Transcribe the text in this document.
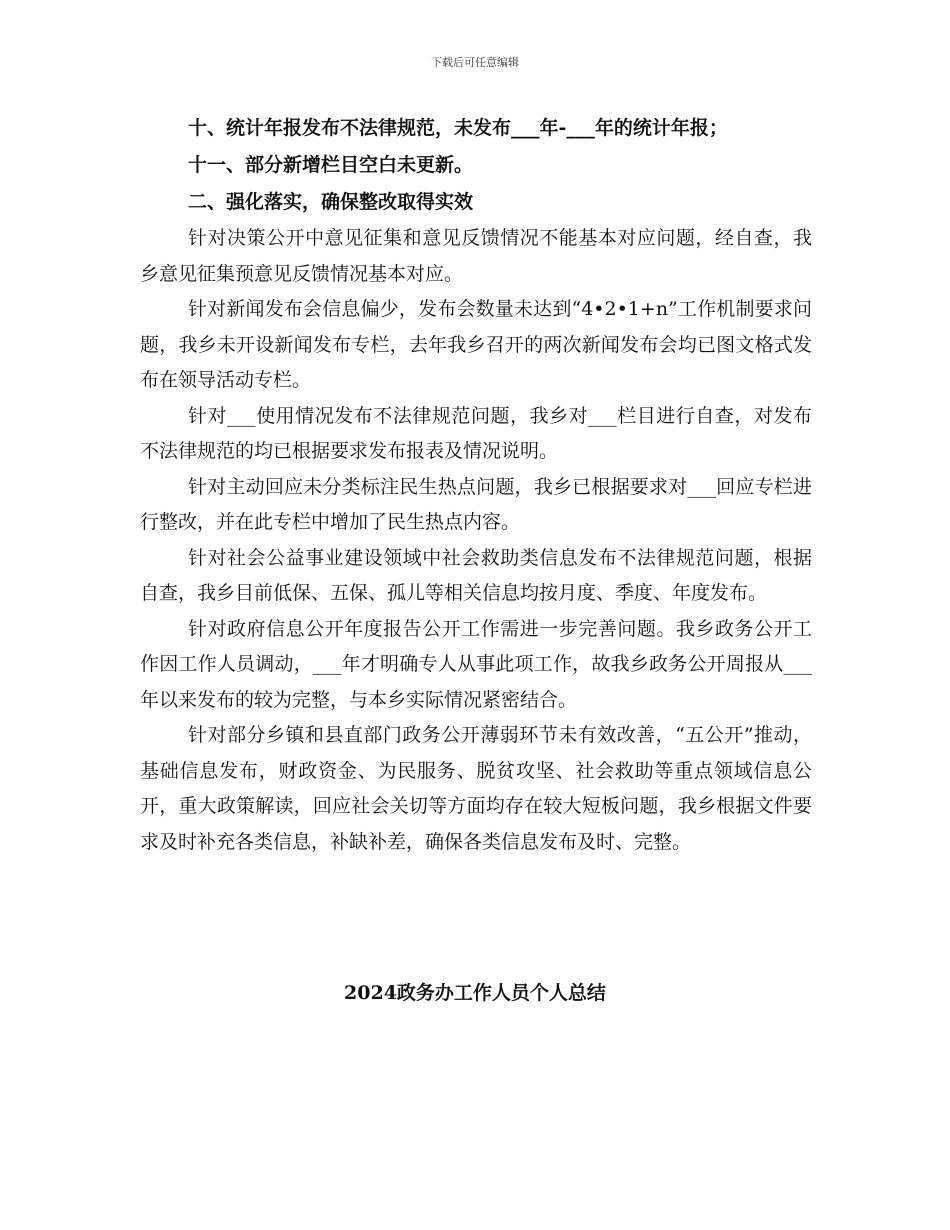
下载后可任意编辑
十、统计年报发布不法律规范，未发布___年-___年的统计年报；
十一、部分新增栏目空白未更新。
二、强化落实，确保整改取得实效

针对决策公开中意见征集和意见反馈情况不能基本对应问题，经自查，我乡意见征集预意见反馈情况基本对应。

针对新闻发布会信息偏少，发布会数量未达到“4•2•1+n”工作机制要求问题，我乡未开设新闻发布专栏，去年我乡召开的两次新闻发布会均已图文格式发布在领导活动专栏。

针对___使用情况发布不法律规范问题，我乡对___栏目进行自查，对发布不法律规范的均已根据要求发布报表及情况说明。

针对主动回应未分类标注民生热点问题，我乡已根据要求对___回应专栏进行整改，并在此专栏中增加了民生热点内容。

针对社会公益事业建设领域中社会救助类信息发布不法律规范问题，根据自查，我乡目前低保、五保、孤儿等相关信息均按月度、季度、年度发布。

针对政府信息公开年度报告公开工作需进一步完善问题。我乡政务公开工作因工作人员调动，___年才明确专人从事此项工作，故我乡政务公开周报从___年以来发布的较为完整，与本乡实际情况紧密结合。

针对部分乡镇和县直部门政务公开薄弱环节未有效改善，“五公开”推动，基础信息发布，财政资金、为民服务、脱贫攻坚、社会救助等重点领域信息公开，重大政策解读，回应社会关切等方面均存在较大短板问题，我乡根据文件要求及时补充各类信息，补缺补差，确保各类信息发布及时、完整。

2024政务办工作人员个人总结
